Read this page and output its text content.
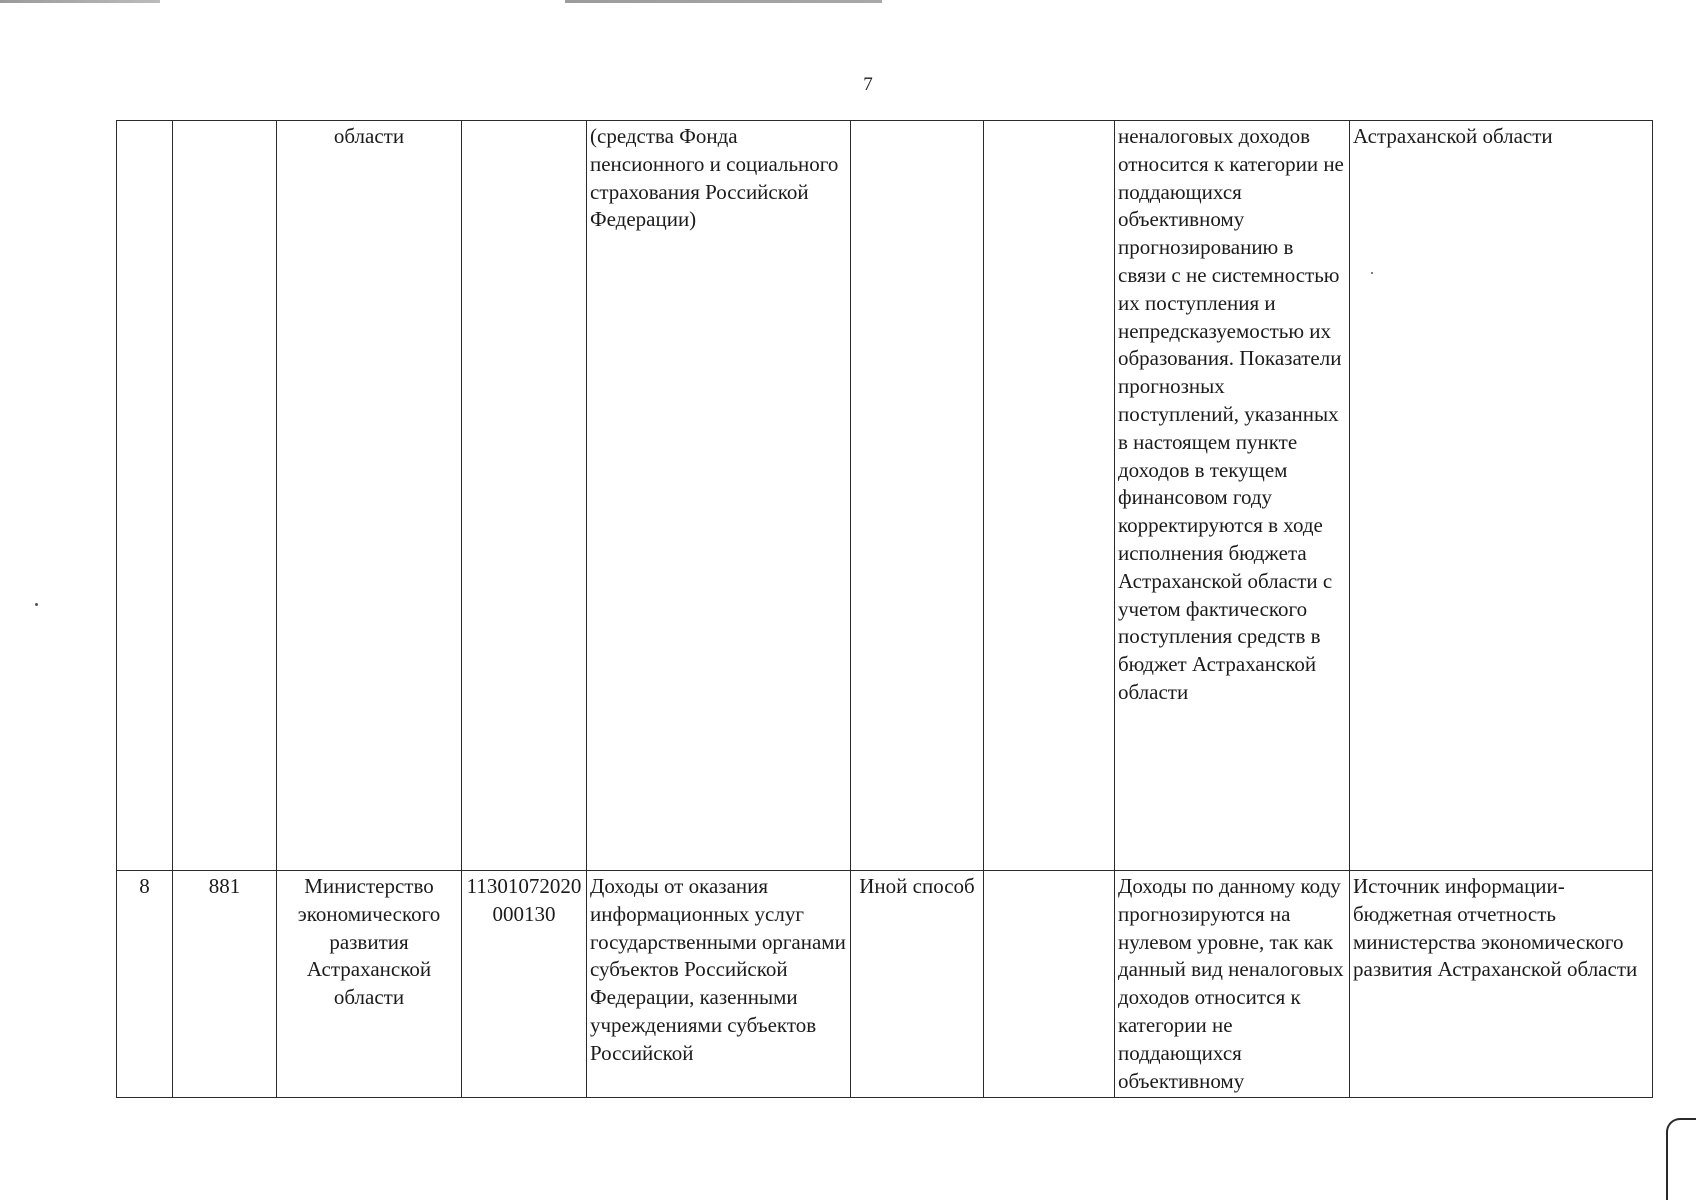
7
		области		(средства Фонда пенсионного и социального страхования Российской Федерации)			неналоговых доходов относится к категории не поддающихся объективному прогнозированию в связи с не системностью их поступления и непредсказуемостью их образования. Показатели прогнозных поступлений, указанных в настоящем пункте доходов в текущем финансовом году корректируются в ходе исполнения бюджета Астраханской области с учетом фактического поступления средств в бюджет Астраханской области	Астраханской области
8	881	Министерство экономического развития Астраханской области	11301072020000130	Доходы от оказания информационных услуг государственными органами субъектов Российской Федерации, казенными учреждениями субъектов Российской	Иной способ		Доходы по данному коду прогнозируются на нулевом уровне, так как данный вид неналоговых доходов относится к категории не поддающихся объективному	Источник информации-бюджетная отчетность министерства экономического развития Астраханской области
